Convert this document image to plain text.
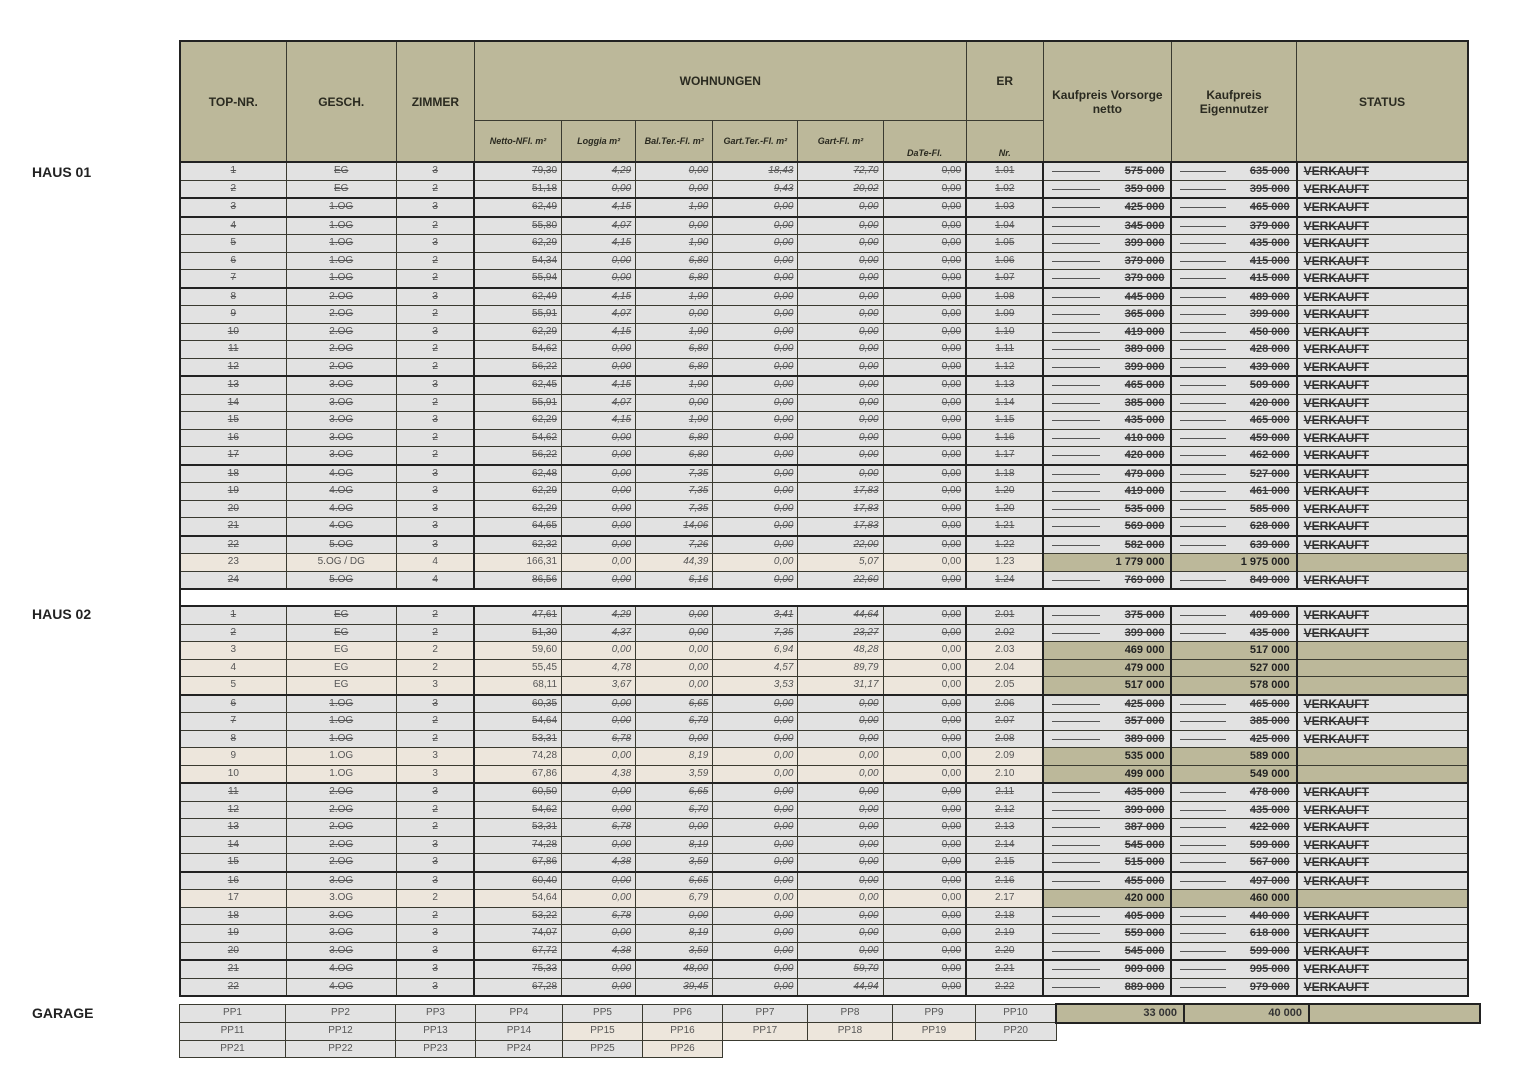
HAUS 01
HAUS 02
GARAGE
TOP-NR.	GESCH.	ZIMMER	WOHNUNGEN						ER	Kaufpreis Vorsorge netto	Kaufpreis Eigennutzer	STATUS
			Netto-NFl. m²	Loggia m²	Bal.Ter.-Fl. m²	Gart.Ter.-Fl. m²	Gart-Fl. m²	DaTe-Fl.	Nr.			
1	EG	3	79,30	4,29	0,00	18,43	72,70	0,00	1.01	575 000	635 000	VERKAUFT
2	EG	2	51,18	0,00	0,00	9,43	20,02	0,00	1.02	359 000	395 000	VERKAUFT
3	1.OG	3	62,49	4,15	1,90	0,00	0,00	0,00	1.03	425 000	465 000	VERKAUFT
4	1.OG	2	55,80	4,07	0,00	0,00	0,00	0,00	1.04	345 000	379 000	VERKAUFT
5	1.OG	3	62,29	4,15	1,90	0,00	0,00	0,00	1.05	399 000	435 000	VERKAUFT
6	1.OG	2	54,34	0,00	6,80	0,00	0,00	0,00	1.06	379 000	415 000	VERKAUFT
7	1.OG	2	55,94	0,00	6,80	0,00	0,00	0,00	1.07	379 000	415 000	VERKAUFT
8	2.OG	3	62,49	4,15	1,90	0,00	0,00	0,00	1.08	445 000	489 000	VERKAUFT
9	2.OG	2	55,91	4,07	0,00	0,00	0,00	0,00	1.09	365 000	399 000	VERKAUFT
10	2.OG	3	62,29	4,15	1,90	0,00	0,00	0,00	1.10	419 000	450 000	VERKAUFT
11	2.OG	2	54,62	0,00	6,80	0,00	0,00	0,00	1.11	389 000	428 000	VERKAUFT
12	2.OG	2	56,22	0,00	6,80	0,00	0,00	0,00	1.12	399 000	439 000	VERKAUFT
13	3.OG	3	62,45	4,15	1,90	0,00	0,00	0,00	1.13	465 000	509 000	VERKAUFT
14	3.OG	2	55,91	4,07	0,00	0,00	0,00	0,00	1.14	385 000	420 000	VERKAUFT
15	3.OG	3	62,29	4,15	1,90	0,00	0,00	0,00	1.15	435 000	465 000	VERKAUFT
16	3.OG	2	54,62	0,00	6,80	0,00	0,00	0,00	1.16	410 000	459 000	VERKAUFT
17	3.OG	2	56,22	0,00	6,80	0,00	0,00	0,00	1.17	420 000	462 000	VERKAUFT
18	4.OG	3	62,48	0,00	7,35	0,00	0,00	0,00	1.18	479 000	527 000	VERKAUFT
19	4.OG	3	62,29	0,00	7,35	0,00	17,83	0,00	1.20	419 000	461 000	VERKAUFT
20	4.OG	3	62,29	0,00	7,35	0,00	17,83	0,00	1.20	535 000	585 000	VERKAUFT
21	4.OG	3	64,65	0,00	14,06	0,00	17,83	0,00	1.21	569 000	628 000	VERKAUFT
22	5.OG	3	62,32	0,00	7,26	0,00	22,00	0,00	1.22	582 000	639 000	VERKAUFT
23	5.OG / DG	4	166,31	0,00	44,39	0,00	5,07	0,00	1.23	1 779 000	1 975 000	
24	5.OG	4	86,56	0,00	6,16	0,00	22,60	0,00	1.24	769 000	849 000	VERKAUFT

1	EG	2	47,61	4,29	0,00	3,41	44,64	0,00	2.01	375 000	409 000	VERKAUFT
2	EG	2	51,30	4,37	0,00	7,35	23,27	0,00	2.02	399 000	435 000	VERKAUFT
3	EG	2	59,60	0,00	0,00	6,94	48,28	0,00	2.03	469 000	517 000	
4	EG	2	55,45	4,78	0,00	4,57	89,79	0,00	2.04	479 000	527 000	
5	EG	3	68,11	3,67	0,00	3,53	31,17	0,00	2.05	517 000	578 000	
6	1.OG	3	60,35	0,00	6,65	0,00	0,00	0,00	2.06	425 000	465 000	VERKAUFT
7	1.OG	2	54,64	0,00	6,79	0,00	0,00	0,00	2.07	357 000	385 000	VERKAUFT
8	1.OG	2	53,31	6,78	0,00	0,00	0,00	0,00	2.08	389 000	425 000	VERKAUFT
9	1.OG	3	74,28	0,00	8,19	0,00	0,00	0,00	2.09	535 000	589 000	
10	1.OG	3	67,86	4,38	3,59	0,00	0,00	0,00	2.10	499 000	549 000	
11	2.OG	3	60,50	0,00	6,65	0,00	0,00	0,00	2.11	435 000	478 000	VERKAUFT
12	2.OG	2	54,62	0,00	6,70	0,00	0,00	0,00	2.12	399 000	435 000	VERKAUFT
13	2.OG	2	53,31	6,78	0,00	0,00	0,00	0,00	2.13	387 000	422 000	VERKAUFT
14	2.OG	3	74,28	0,00	8,19	0,00	0,00	0,00	2.14	545 000	599 000	VERKAUFT
15	2.OG	3	67,86	4,38	3,59	0,00	0,00	0,00	2.15	515 000	567 000	VERKAUFT
16	3.OG	3	60,40	0,00	6,65	0,00	0,00	0,00	2.16	455 000	497 000	VERKAUFT
17	3.OG	2	54,64	0,00	6,79	0,00	0,00	0,00	2.17	420 000	460 000	
18	3.OG	2	53,22	6,78	0,00	0,00	0,00	0,00	2.18	405 000	440 000	VERKAUFT
19	3.OG	3	74,07	0,00	8,19	0,00	0,00	0,00	2.19	559 000	618 000	VERKAUFT
20	3.OG	3	67,72	4,38	3,59	0,00	0,00	0,00	2.20	545 000	599 000	VERKAUFT
21	4.OG	3	75,33	0,00	48,00	0,00	59,70	0,00	2.21	909 000	995 000	VERKAUFT
22	4.OG	3	67,28	0,00	39,45	0,00	44,94	0,00	2.22	889 000	979 000	VERKAUFT
PP1	PP2	PP3	PP4	PP5	PP6	PP7	PP8	PP9	PP10	33 000	40 000	
PP11	PP12	PP13	PP14	PP15	PP16	PP17	PP18	PP19	PP20			
PP21	PP22	PP23	PP24	PP25	PP26							
